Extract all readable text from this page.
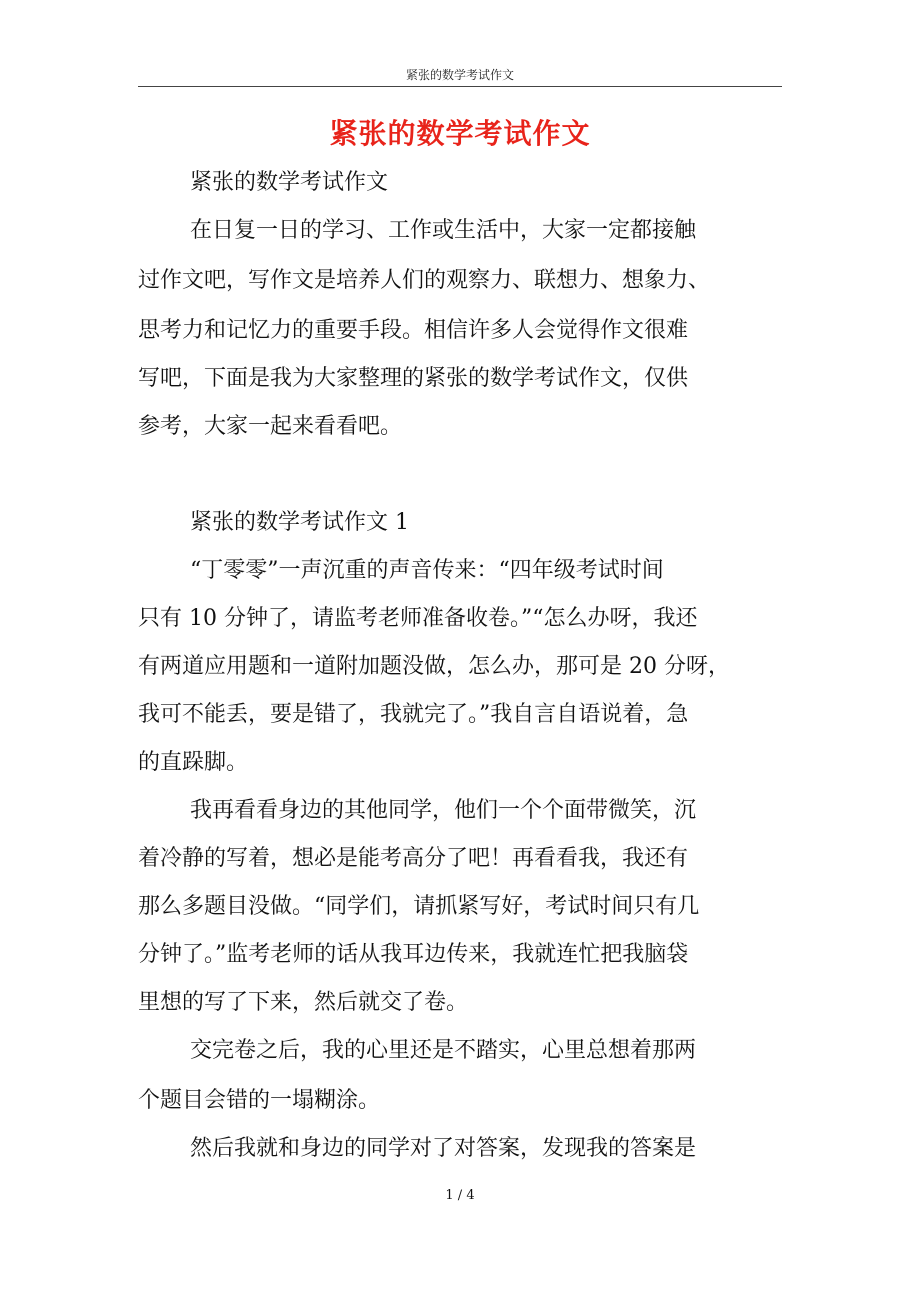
紧张的数学考试作文
紧张的数学考试作文
紧张的数学考试作文
在日复一日的学习、工作或生活中，大家一定都接触
过作文吧，写作文是培养人们的观察力、联想力、想象力、
思考力和记忆力的重要手段。相信许多人会觉得作文很难
写吧，下面是我为大家整理的紧张的数学考试作文，仅供
参考，大家一起来看看吧。
紧张的数学考试作文 1
“丁零零”一声沉重的声音传来：“四年级考试时间
只有 10 分钟了，请监考老师准备收卷。”“怎么办呀，我还
有两道应用题和一道附加题没做，怎么办，那可是 20 分呀，
我可不能丢，要是错了，我就完了。”我自言自语说着，急
的直跺脚。
我再看看身边的其他同学，他们一个个面带微笑，沉
着冷静的写着，想必是能考高分了吧！再看看我，我还有
那么多题目没做。“同学们，请抓紧写好，考试时间只有几
分钟了。”监考老师的话从我耳边传来，我就连忙把我脑袋
里想的写了下来，然后就交了卷。
交完卷之后，我的心里还是不踏实，心里总想着那两
个题目会错的一塌糊涂。
然后我就和身边的同学对了对答案，发现我的答案是
1 / 4
